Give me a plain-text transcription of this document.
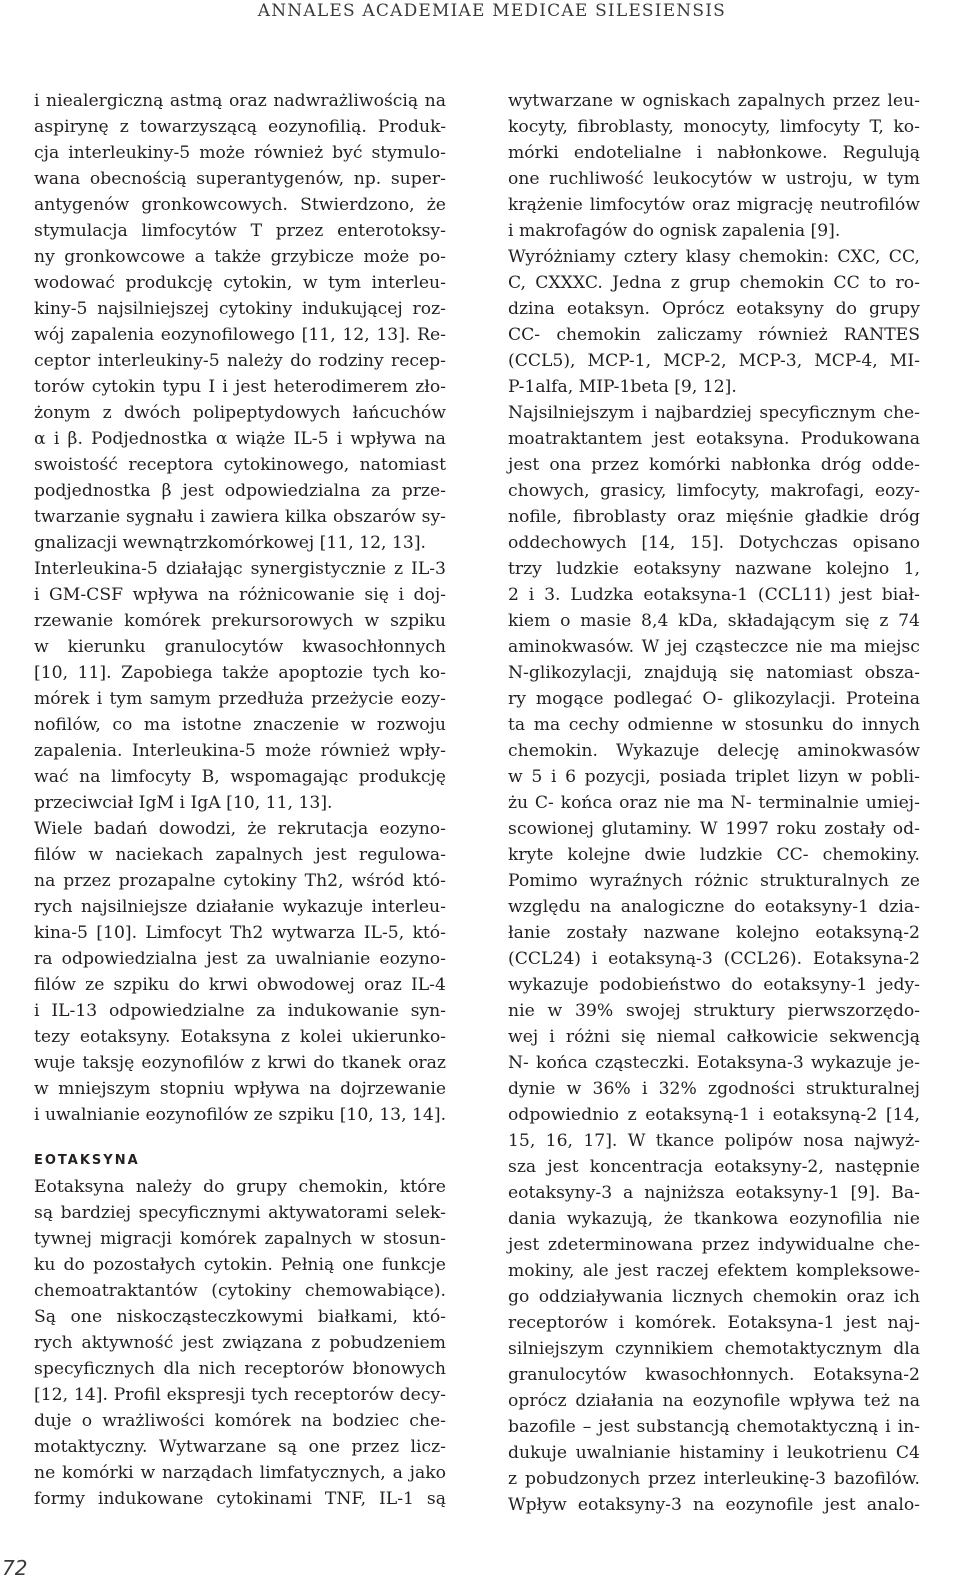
ANNALES ACADEMIAE MEDICAE SILESIENSIS
i niealergiczną astmą oraz nadwrażliwością na
aspirynę z towarzyszącą eozynofilią. Produk-
cja interleukiny-5 może również być stymulo-
wana obecnością superantygenów, np. super-
antygenów gronkowcowych. Stwierdzono, że
stymulacja limfocytów T przez enterotoksy-
ny gronkowcowe a także grzybicze może po-
wodować produkcję cytokin, w tym interleu-
kiny-5 najsilniejszej cytokiny indukującej roz-
wój zapalenia eozynofilowego [11, 12, 13]. Re-
ceptor interleukiny-5 należy do rodziny recep-
torów cytokin typu I i jest heterodimerem zło-
żonym z dwóch polipeptydowych łańcuchów
α i β. Podjednostka α wiąże IL-5 i wpływa na
swoistość receptora cytokinowego, natomiast
podjednostka β jest odpowiedzialna za prze-
twarzanie sygnału i zawiera kilka obszarów sy-
gnalizacji wewnątrzkomórkowej [11, 12, 13].
Interleukina-5 działając synergistycznie z IL-3
i GM-CSF wpływa na różnicowanie się i doj-
rzewanie komórek prekursorowych w szpiku
w kierunku granulocytów kwasochłonnych
[10, 11]. Zapobiega także apoptozie tych ko-
mórek i tym samym przedłuża przeżycie eozy-
nofilów, co ma istotne znaczenie w rozwoju
zapalenia. Interleukina-5 może również wpły-
wać na limfocyty B, wspomagając produkcję
przeciwciał IgM i IgA [10, 11, 13].
Wiele badań dowodzi, że rekrutacja eozyno-
filów w naciekach zapalnych jest regulowa-
na przez prozapalne cytokiny Th2, wśród któ-
rych najsilniejsze działanie wykazuje interleu-
kina-5 [10]. Limfocyt Th2 wytwarza IL-5, któ-
ra odpowiedzialna jest za uwalnianie eozyno-
filów ze szpiku do krwi obwodowej oraz IL-4
i IL-13 odpowiedzialne za indukowanie syn-
tezy eotaksyny. Eotaksyna z kolei ukierunko-
wuje taksję eozynofilów z krwi do tkanek oraz
w mniejszym stopniu wpływa na dojrzewanie
i uwalnianie eozynofilów ze szpiku [10, 13, 14].
EOTAKSYNA
Eotaksyna należy do grupy chemokin, które
są bardziej specyficznymi aktywatorami selek-
tywnej migracji komórek zapalnych w stosun-
ku do pozostałych cytokin. Pełnią one funkcje
chemoatraktantów (cytokiny chemowabiące).
Są one niskocząsteczkowymi białkami, któ-
rych aktywność jest związana z pobudzeniem
specyficznych dla nich receptorów błonowych
[12, 14]. Profil ekspresji tych receptorów decy-
duje o wrażliwości komórek na bodziec che-
motaktyczny. Wytwarzane są one przez licz-
ne komórki w narządach limfatycznych, a jako
formy indukowane cytokinami TNF, IL-1 są
wytwarzane w ogniskach zapalnych przez leu-
kocyty, fibroblasty, monocyty, limfocyty T, ko-
mórki endotelialne i nabłonkowe. Regulują
one ruchliwość leukocytów w ustroju, w tym
krążenie limfocytów oraz migrację neutrofilów
i makrofagów do ognisk zapalenia [9].
Wyróżniamy cztery klasy chemokin: CXC, CC,
C, CXXXC. Jedna z grup chemokin CC to ro-
dzina eotaksyn. Oprócz eotaksyny do grupy
CC- chemokin zaliczamy również RANTES
(CCL5), MCP-1, MCP-2, MCP-3, MCP-4, MI-
P-1alfa, MIP-1beta [9, 12].
Najsilniejszym i najbardziej specyficznym che-
moatraktantem jest eotaksyna. Produkowana
jest ona przez komórki nabłonka dróg odde-
chowych, grasicy, limfocyty, makrofagi, eozy-
nofile, fibroblasty oraz mięśnie gładkie dróg
oddechowych [14, 15]. Dotychczas opisano
trzy ludzkie eotaksyny nazwane kolejno 1,
2 i 3. Ludzka eotaksyna-1 (CCL11) jest biał-
kiem o masie 8,4 kDa, składającym się z 74
aminokwasów. W jej cząsteczce nie ma miejsc
N-glikozylacji, znajdują się natomiast obsza-
ry mogące podlegać O- glikozylacji. Proteina
ta ma cechy odmienne w stosunku do innych
chemokin. Wykazuje delecję aminokwasów
w 5 i 6 pozycji, posiada triplet lizyn w pobli-
żu C- końca oraz nie ma N- terminalnie umiej-
scowionej glutaminy. W 1997 roku zostały od-
kryte kolejne dwie ludzkie CC- chemokiny.
Pomimo wyraźnych różnic strukturalnych ze
względu na analogiczne do eotaksyny-1 dzia-
łanie zostały nazwane kolejno eotaksyną-2
(CCL24) i eotaksyną-3 (CCL26). Eotaksyna-2
wykazuje podobieństwo do eotaksyny-1 jedy-
nie w 39% swojej struktury pierwszorzędo-
wej i różni się niemal całkowicie sekwencją
N- końca cząsteczki. Eotaksyna-3 wykazuje je-
dynie w 36% i 32% zgodności strukturalnej
odpowiednio z eotaksyną-1 i eotaksyną-2 [14,
15, 16, 17]. W tkance polipów nosa najwyż-
sza jest koncentracja eotaksyny-2, następnie
eotaksyny-3 a najniższa eotaksyny-1 [9]. Ba-
dania wykazują, że tkankowa eozynofilia nie
jest zdeterminowana przez indywidualne che-
mokiny, ale jest raczej efektem kompleksowe-
go oddziaływania licznych chemokin oraz ich
receptorów i komórek. Eotaksyna-1 jest naj-
silniejszym czynnikiem chemotaktycznym dla
granulocytów kwasochłonnych. Eotaksyna-2
oprócz działania na eozynofile wpływa też na
bazofile – jest substancją chemotaktyczną i in-
dukuje uwalnianie histaminy i leukotrienu C4
z pobudzonych przez interleukinę-3 bazofilów.
Wpływ eotaksyny-3 na eozynofile jest analo-
72
